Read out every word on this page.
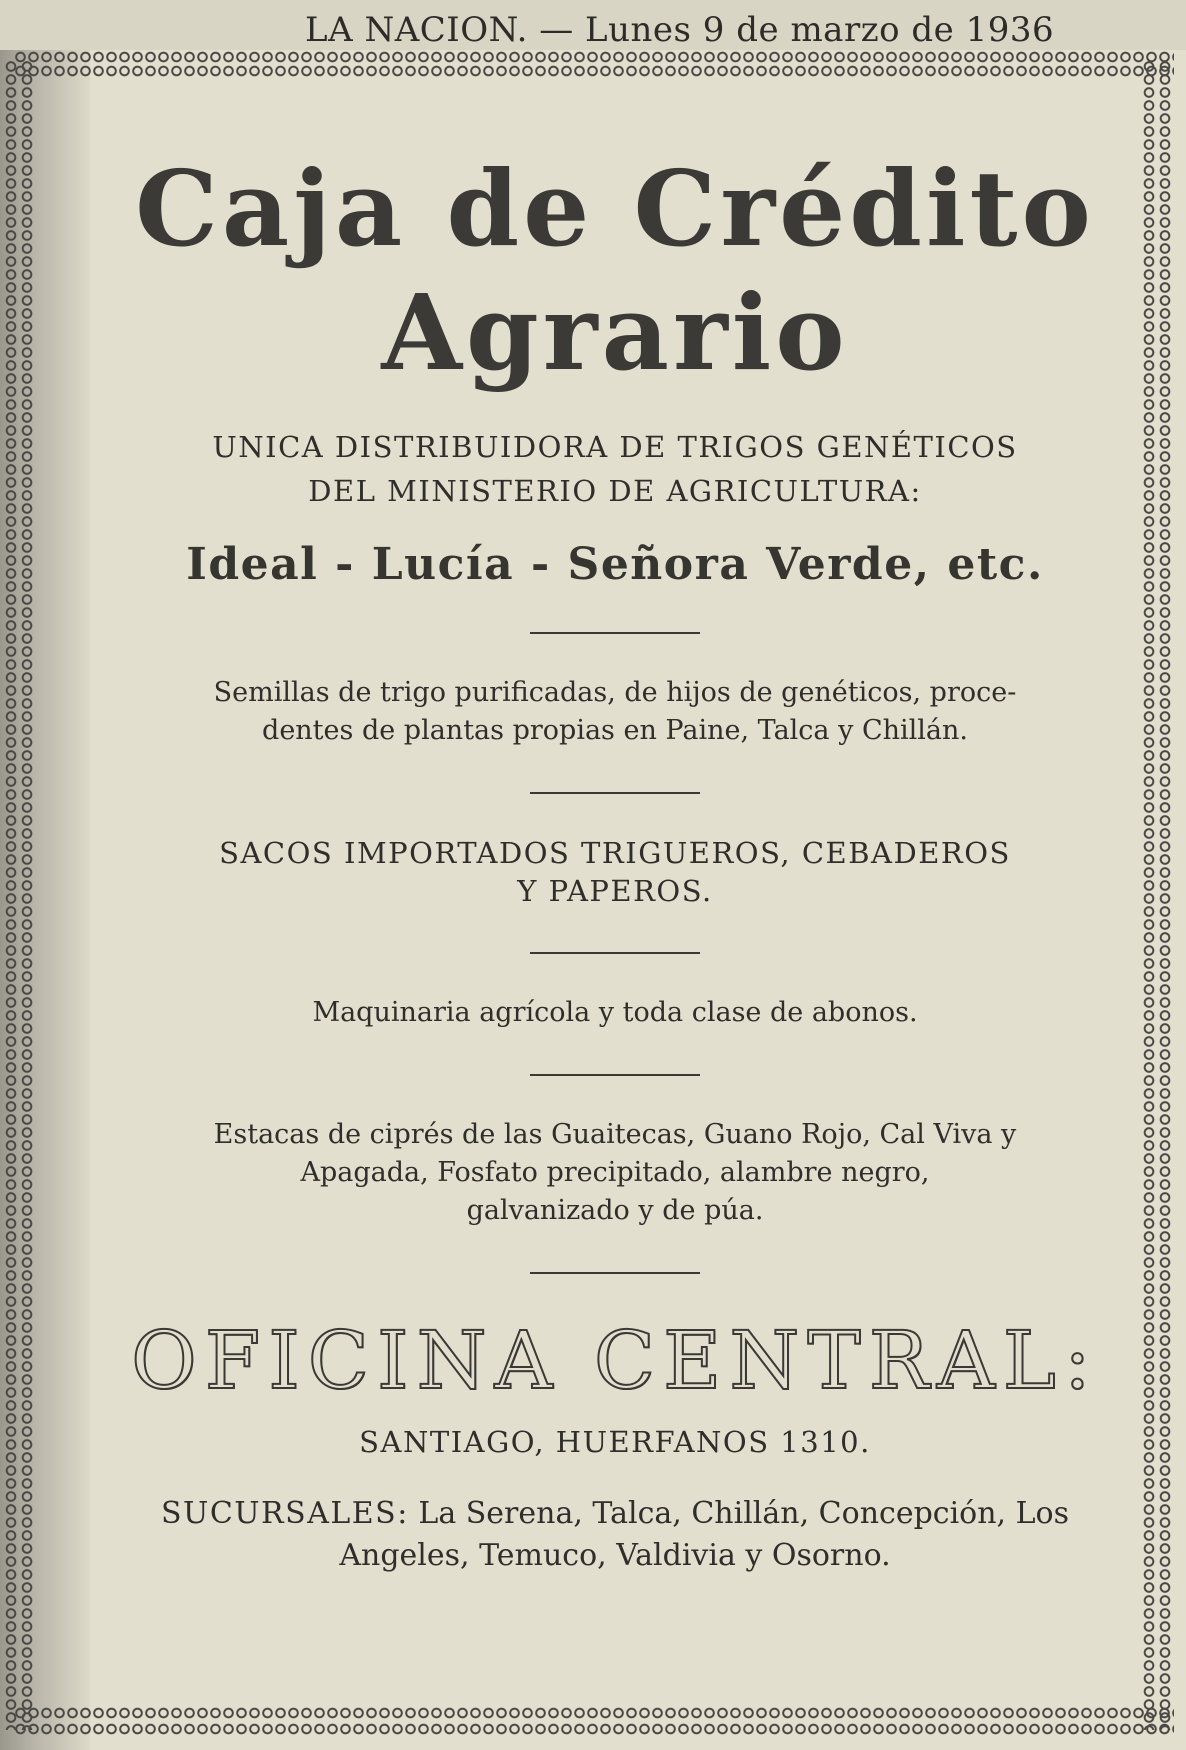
LA NACION. — Lunes 9 de marzo de 1936
Caja de Crédito
Agrario

UNICA DISTRIBUIDORA DE TRIGOS GENÉTICOS

DEL MINISTERIO DE AGRICULTURA:

Ideal - Lucía - Señora Verde, etc.

Semillas de trigo purificadas, de hijos de genéticos, proce-

dentes de plantas propias en Paine, Talca y Chillán.

SACOS IMPORTADOS TRIGUEROS, CEBADEROS

Y PAPEROS.

Maquinaria agrícola y toda clase de abonos.

Estacas de ciprés de las Guaitecas, Guano Rojo, Cal Viva y

Apagada, Fosfato precipitado, alambre negro,

galvanizado y de púa.

OFICINA CENTRAL:
SANTIAGO, HUERFANOS 1310.
SUCURSALES: La Serena, Talca, Chillán, Concepción, Los
Angeles, Temuco, Valdivia y Osorno.
